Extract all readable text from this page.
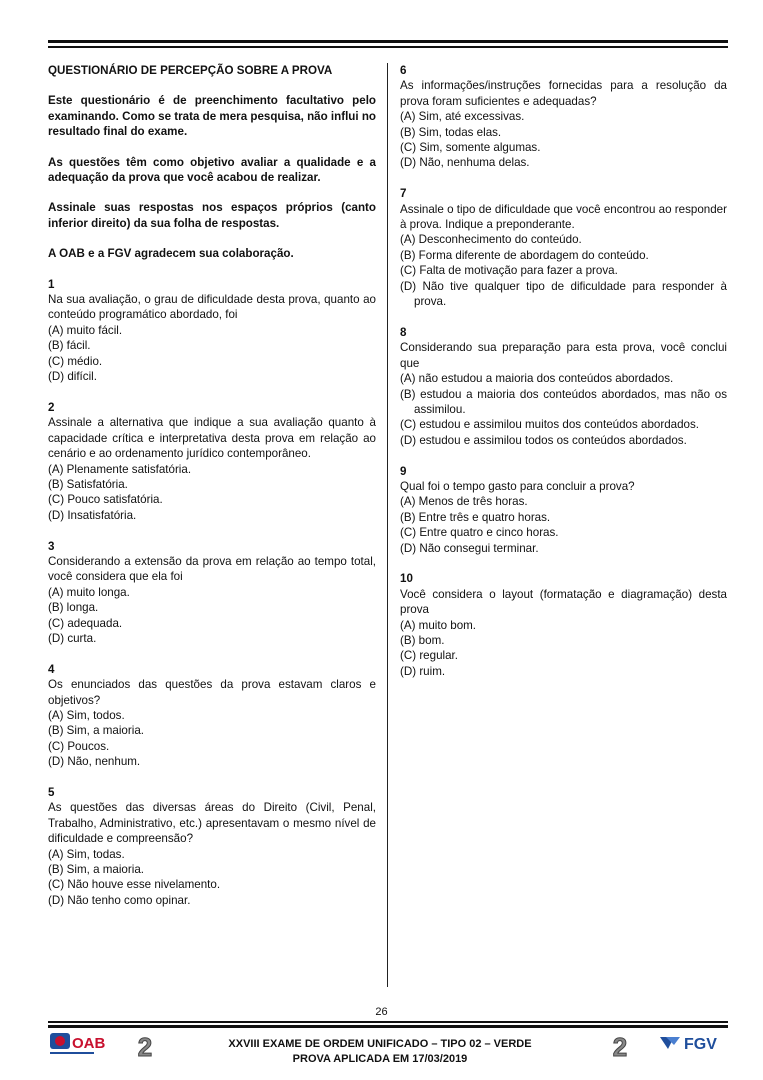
QUESTIONÁRIO DE PERCEPÇÃO SOBRE A PROVA
Este questionário é de preenchimento facultativo pelo examinando. Como se trata de mera pesquisa, não influi no resultado final do exame.
As questões têm como objetivo avaliar a qualidade e a adequação da prova que você acabou de realizar.
Assinale suas respostas nos espaços próprios (canto inferior direito) da sua folha de respostas.
A OAB e a FGV agradecem sua colaboração.
1
Na sua avaliação, o grau de dificuldade desta prova, quanto ao conteúdo programático abordado, foi
(A) muito fácil.
(B) fácil.
(C) médio.
(D) difícil.
2
Assinale a alternativa que indique a sua avaliação quanto à capacidade crítica e interpretativa desta prova em relação ao cenário e ao ordenamento jurídico contemporâneo.
(A) Plenamente satisfatória.
(B) Satisfatória.
(C) Pouco satisfatória.
(D) Insatisfatória.
3
Considerando a extensão da prova em relação ao tempo total, você considera que ela foi
(A) muito longa.
(B) longa.
(C) adequada.
(D) curta.
4
Os enunciados das questões da prova estavam claros e objetivos?
(A) Sim, todos.
(B) Sim, a maioria.
(C) Poucos.
(D) Não, nenhum.
5
As questões das diversas áreas do Direito (Civil, Penal, Trabalho, Administrativo, etc.) apresentavam o mesmo nível de dificuldade e compreensão?
(A) Sim, todas.
(B) Sim, a maioria.
(C) Não houve esse nivelamento.
(D) Não tenho como opinar.
6
As informações/instruções fornecidas para a resolução da prova foram suficientes e adequadas?
(A) Sim, até excessivas.
(B) Sim, todas elas.
(C) Sim, somente algumas.
(D) Não, nenhuma delas.
7
Assinale o tipo de dificuldade que você encontrou ao responder à prova. Indique a preponderante.
(A) Desconhecimento do conteúdo.
(B) Forma diferente de abordagem do conteúdo.
(C) Falta de motivação para fazer a prova.
(D) Não tive qualquer tipo de dificuldade para responder à prova.
8
Considerando sua preparação para esta prova, você conclui que
(A) não estudou a maioria dos conteúdos abordados.
(B) estudou a maioria dos conteúdos abordados, mas não os assimilou.
(C) estudou e assimilou muitos dos conteúdos abordados.
(D) estudou e assimilou todos os conteúdos abordados.
9
Qual foi o tempo gasto para concluir a prova?
(A) Menos de três horas.
(B) Entre três e quatro horas.
(C) Entre quatro e cinco horas.
(D) Não consegui terminar.
10
Você considera o layout (formatação e diagramação) desta prova
(A) muito bom.
(B) bom.
(C) regular.
(D) ruim.
26
OAB 2	XXVIII EXAME DE ORDEM UNIFICADO – TIPO 02 – VERDE
PROVA APLICADA EM 17/03/2019	2	FGV
